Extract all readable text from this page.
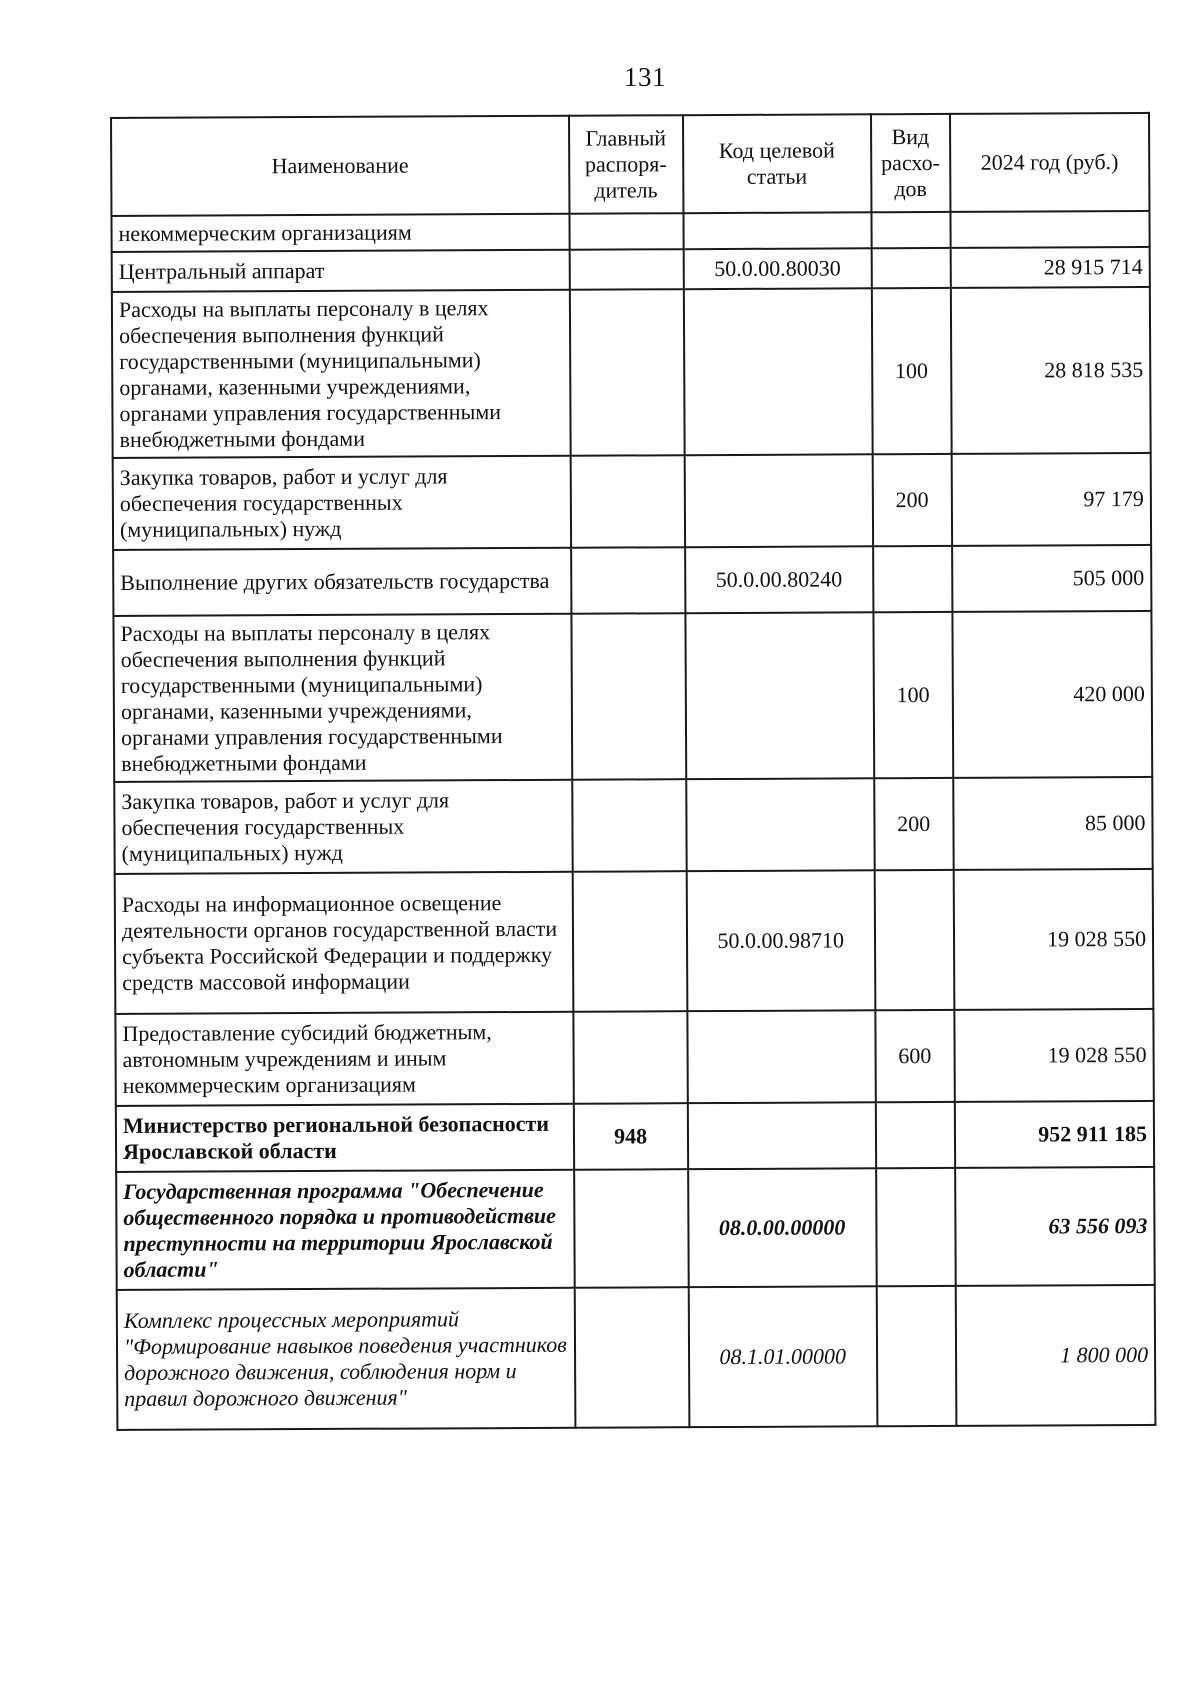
131
Наименование	Главный распоря-дитель	Код целевой статьи	Вид расхо-дов	2024 год (руб.)
некоммерческим организациям				
Центральный аппарат		50.0.00.80030		28 915 714
Расходы на выплаты персоналу в целях обеспечения выполнения функций государственными (муниципальными) органами, казенными учреждениями, органами управления государственными внебюджетными фондами			100	28 818 535
Закупка товаров, работ и услуг для обеспечения государственных (муниципальных) нужд			200	97 179
Выполнение других обязательств государства		50.0.00.80240		505 000
Расходы на выплаты персоналу в целях обеспечения выполнения функций государственными (муниципальными) органами, казенными учреждениями, органами управления государственными внебюджетными фондами			100	420 000
Закупка товаров, работ и услуг для обеспечения государственных (муниципальных) нужд			200	85 000
Расходы на информационное освещение деятельности органов государственной власти субъекта Российской Федерации и поддержку средств массовой информации		50.0.00.98710		19 028 550
Предоставление субсидий бюджетным, автономным учреждениям и иным некоммерческим организациям			600	19 028 550
Министерство региональной безопасности Ярославской области	948			952 911 185
Государственная программа "Обеспечение общественного порядка и противодействие преступности на территории Ярославской области"		08.0.00.00000		63 556 093
Комплекс процессных мероприятий "Формирование навыков поведения участников дорожного движения, соблюдения норм и правил дорожного движения"		08.1.01.00000		1 800 000
